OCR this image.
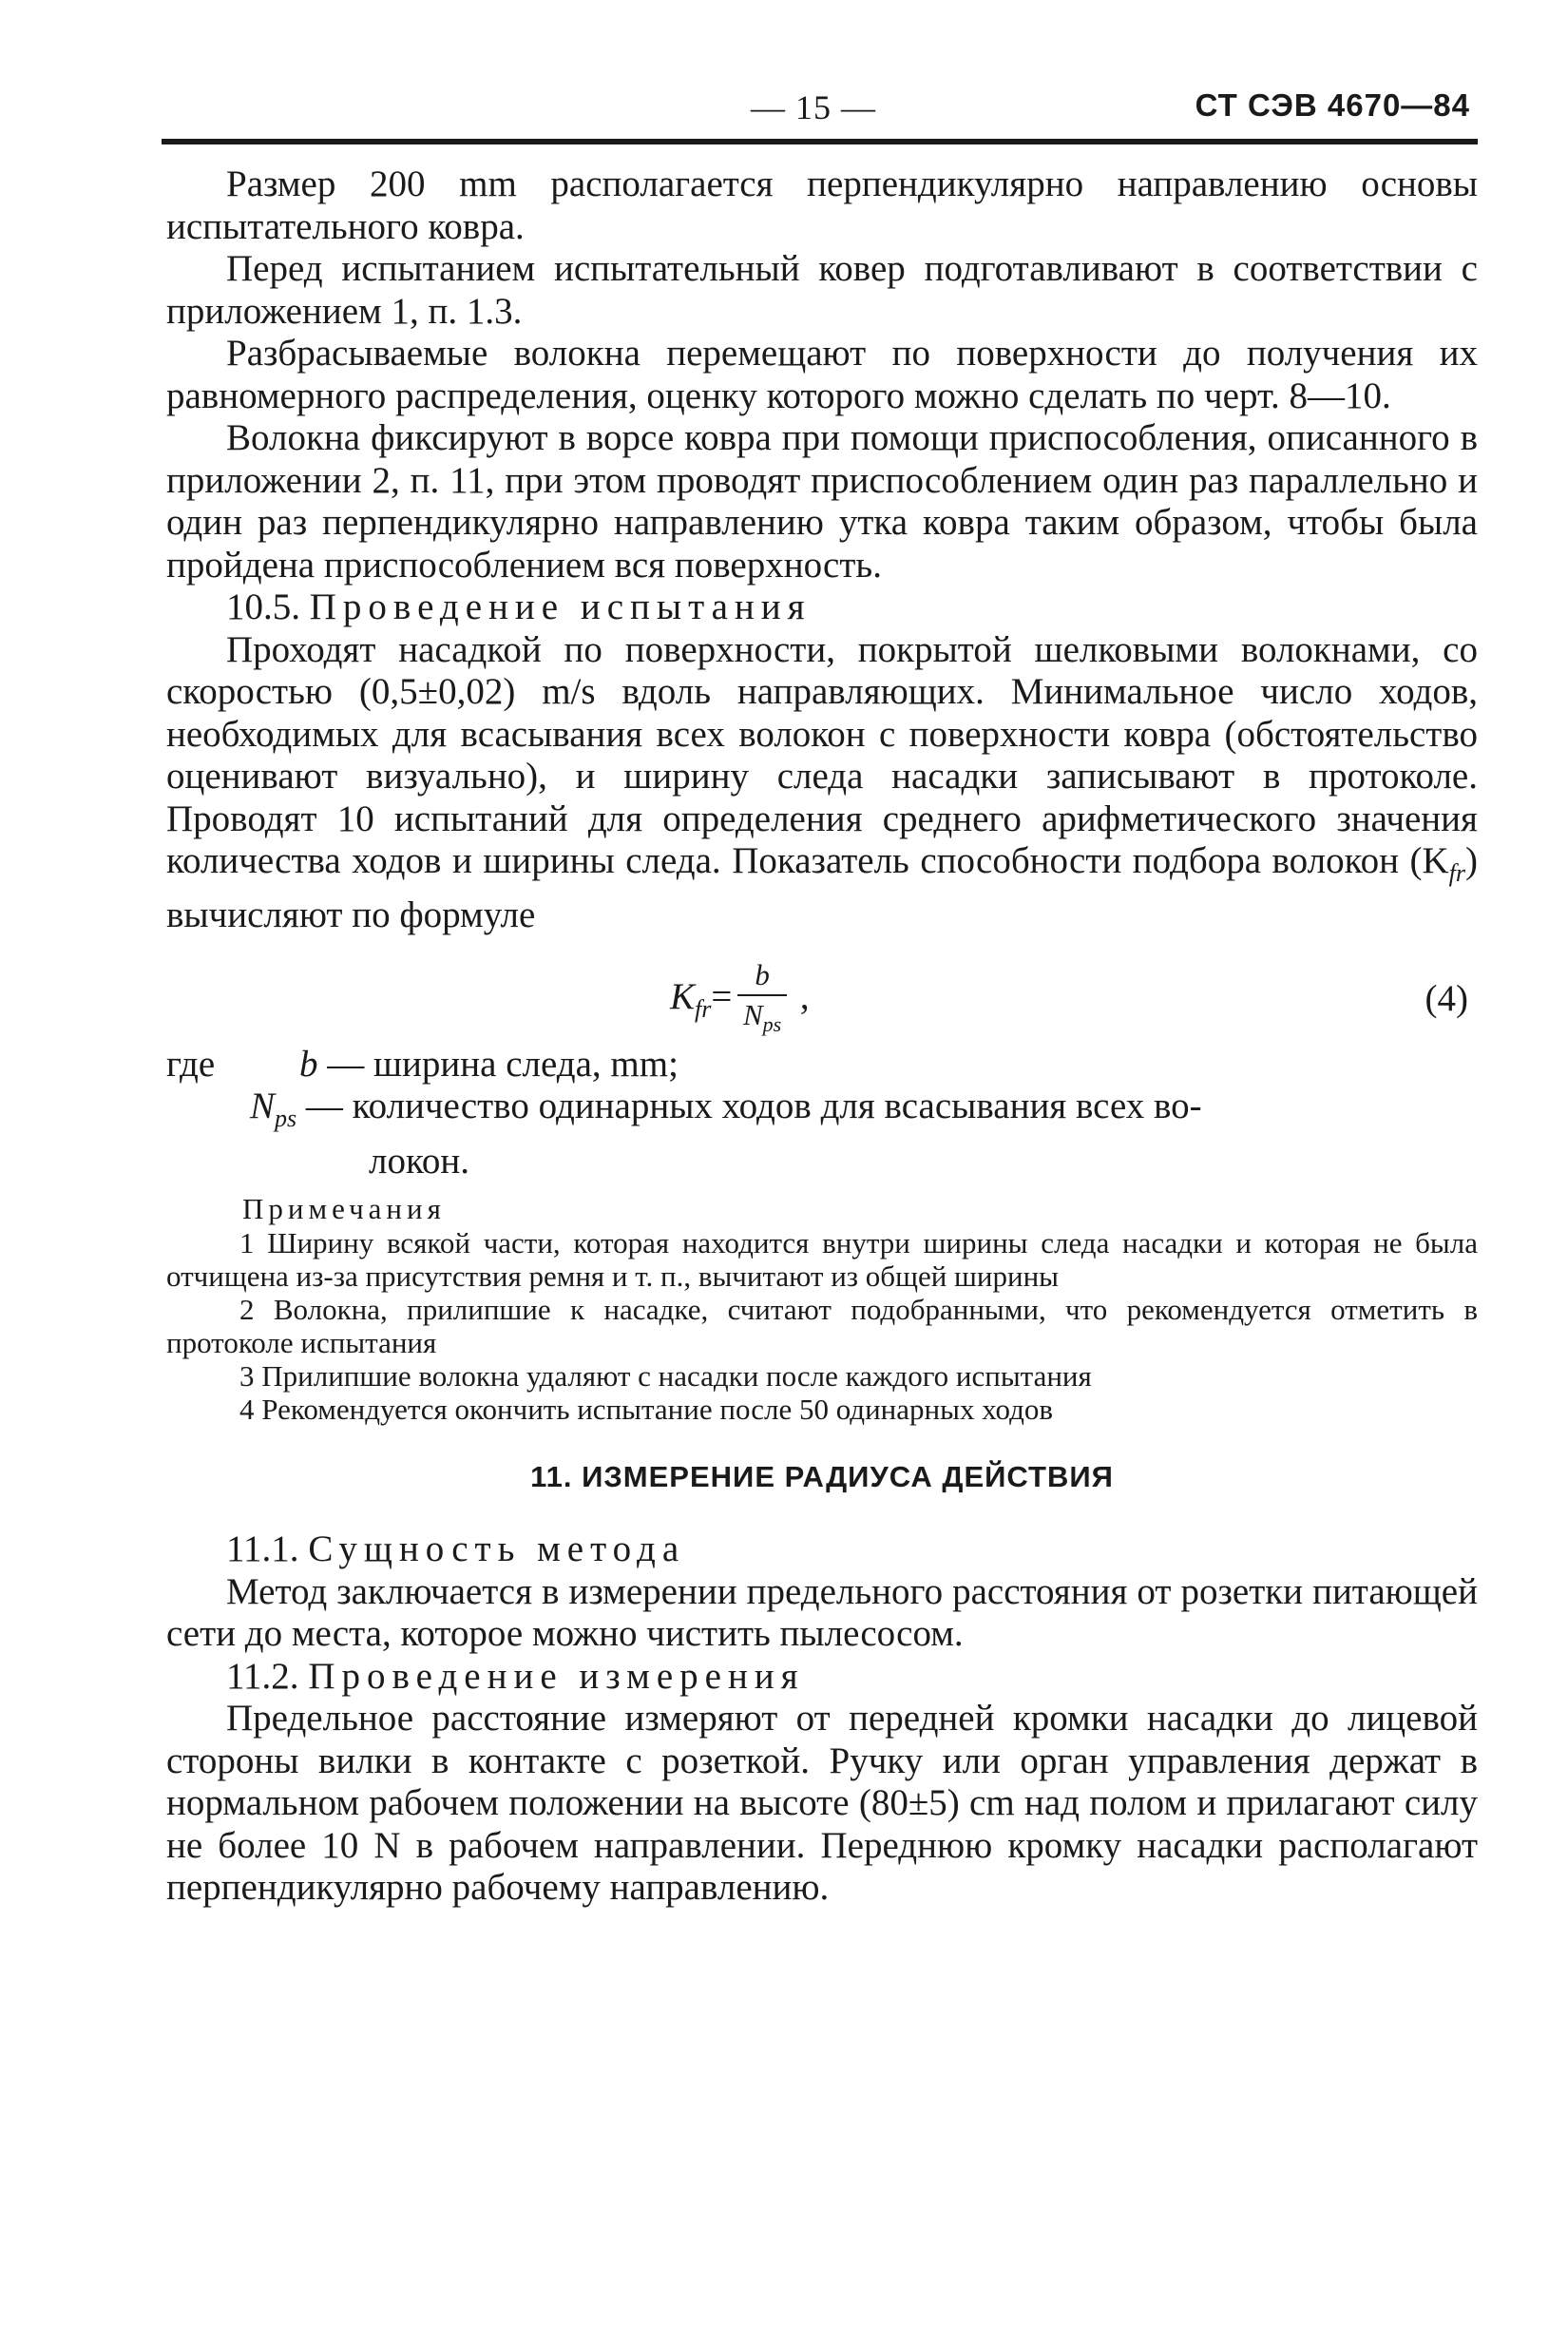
— 15 —	СТ СЭВ 4670—84

Размер 200 mm располагается перпендикулярно направлению основы испытательного ковра.

Перед испытанием испытательный ковер подготавливают в соответствии с приложением 1, п. 1.3.

Разбрасываемые волокна перемещают по поверхности до получения их равномерного распределения, оценку которого можно сделать по черт. 8—10.

Волокна фиксируют в ворсе ковра при помощи приспособления, описанного в приложении 2, п. 11, при этом проводят приспособлением один раз параллельно и один раз перпендикулярно направлению утка ковра таким образом, чтобы была пройдена приспособлением вся поверхность.

10.5. Проведение испытания

Проходят насадкой по поверхности, покрытой шелковыми волокнами, со скоростью (0,5±0,02) m/s вдоль направляющих. Минимальное число ходов, необходимых для всасывания всех волокон с поверхности ковра (обстоятельство оценивают визуально), и ширину следа насадки записывают в протоколе. Проводят 10 испытаний для определения среднего арифметического значения количества ходов и ширины следа. Показатель способности подбора волокон $(K_{fr})$ вычисляют по формуле

$K_{fr}= \frac{b}{N_{ps}}$ ,	(4)

где b — ширина следа, mm;

$N_{ps}$ — количество одинарных ходов для всасывания всех во-
локон.

Примечания

1 Ширину всякой части, которая находится внутри ширины следа насадки и которая не была отчищена из-за присутствия ремня и т. п., вычитают из общей ширины

2 Волокна, прилипшие к насадке, считают подобранными, что рекомендуется отметить в протоколе испытания

3 Прилипшие волокна удаляют с насадки после каждого испытания

4 Рекомендуется окончить испытание после 50 одинарных ходов

11. ИЗМЕРЕНИЕ РАДИУСА ДЕЙСТВИЯ

11.1. Сущность метода

Метод заключается в измерении предельного расстояния от розетки питающей сети до места, которое можно чистить пылесосом.

11.2. Проведение измерения

Предельное расстояние измеряют от передней кромки насадки до лицевой стороны вилки в контакте с розеткой. Ручку или орган управления держат в нормальном рабочем положении на высоте (80±5) cm над полом и прилагают силу не более 10 N в рабочем направлении. Переднюю кромку насадки располагают перпендикулярно рабочему направлению.
